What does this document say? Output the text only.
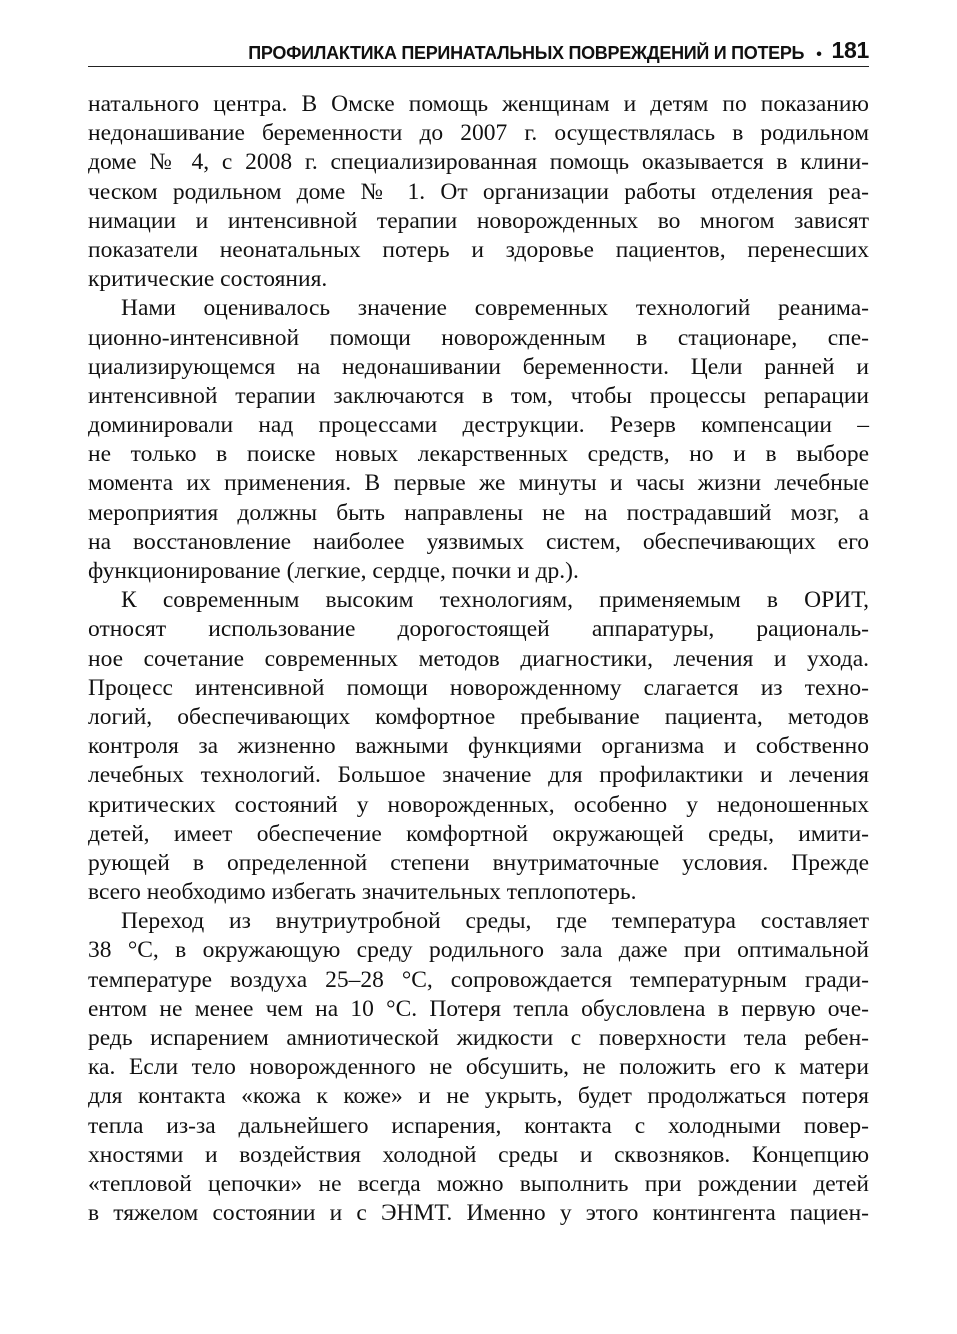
ПРОФИЛАКТИКА ПЕРИНАТАЛЬНЫХ ПОВРЕЖДЕНИЙ И ПОТЕРЬ • 181
натального центра. В Омске помощь женщинам и детям по показанию
недонашивание беременности до 2007 г. осуществлялась в родильном
доме № 4, с 2008 г. специализированная помощь оказывается в клини-
ческом родильном доме № 1. От организации работы отделения реа-
нимации и интенсивной терапии новорожденных во многом зависят
показатели неонатальных потерь и здоровье пациентов, перенесших
критические состояния.
Нами оценивалось значение современных технологий реанима-
ционно-интенсивной помощи новорожденным в стационаре, спе-
циализирующемся на недонашивании беременности. Цели ранней и
интенсивной терапии заключаются в том, чтобы процессы репарации
доминировали над процессами деструкции. Резерв компенсации –
не только в поиске новых лекарственных средств, но и в выборе
момента их применения. В первые же минуты и часы жизни лечебные
мероприятия должны быть направлены не на пострадавший мозг, а
на восстановление наиболее уязвимых систем, обеспечивающих его
функционирование (легкие, сердце, почки и др.).
К современным высоким технологиям, применяемым в ОРИТ,
относят использование дорогостоящей аппаратуры, рациональ-
ное сочетание современных методов диагностики, лечения и ухода.
Процесс интенсивной помощи новорожденному слагается из техно-
логий, обеспечивающих комфортное пребывание пациента, методов
контроля за жизненно важными функциями организма и собственно
лечебных технологий. Большое значение для профилактики и лечения
критических состояний у новорожденных, особенно у недоношенных
детей, имеет обеспечение комфортной окружающей среды, имити-
рующей в определенной степени внутриматочные условия. Прежде
всего необходимо избегать значительных теплопотерь.
Переход из внутриутробной среды, где температура составляет
38 °С, в окружающую среду родильного зала даже при оптимальной
температуре воздуха 25–28 °С, сопровождается температурным гради-
ентом не менее чем на 10 °С. Потеря тепла обусловлена в первую оче-
редь испарением амниотической жидкости с поверхности тела ребен-
ка. Если тело новорожденного не обсушить, не положить его к матери
для контакта «кожа к коже» и не укрыть, будет продолжаться потеря
тепла из-за дальнейшего испарения, контакта с холодными повер-
хностями и воздействия холодной среды и сквозняков. Концепцию
«тепловой цепочки» не всегда можно выполнить при рождении детей
в тяжелом состоянии и с ЭНМТ. Именно у этого контингента пациен-
